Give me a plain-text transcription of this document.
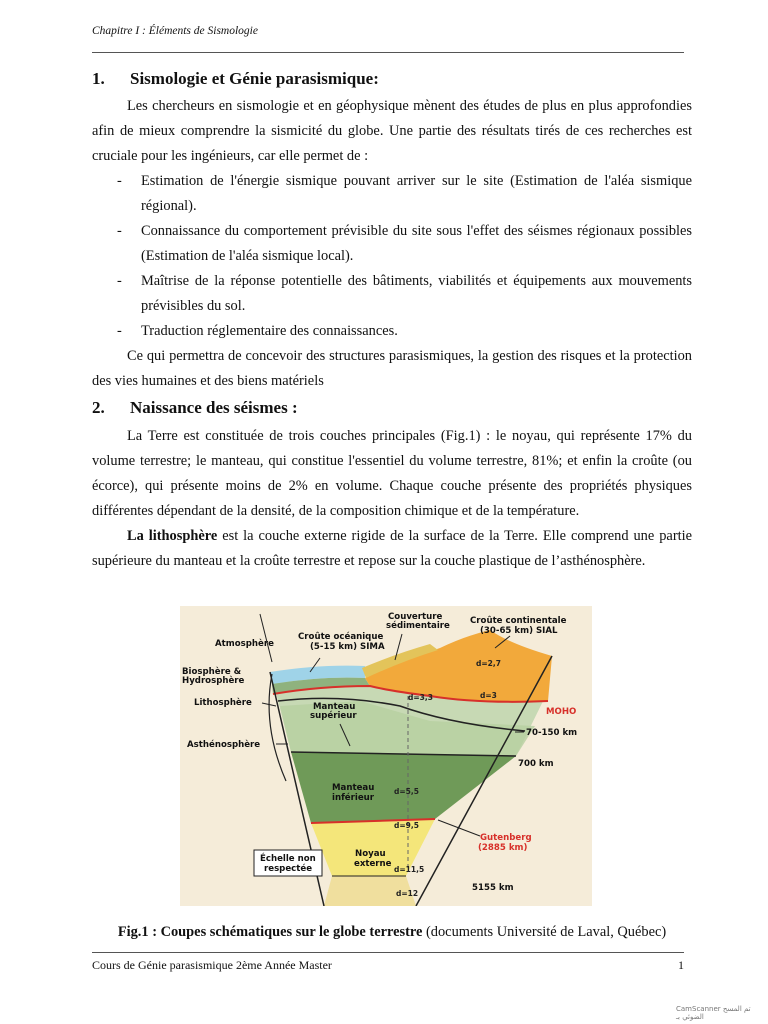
Chapitre I : Éléments de Sismologie
1. Sismologie et Génie parasismique:
Les chercheurs en sismologie et en géophysique mènent des études de plus en plus approfondies afin de mieux comprendre la sismicité du globe. Une partie des résultats tirés de ces recherches est cruciale pour les ingénieurs, car elle permet de :
- Estimation de l'énergie sismique pouvant arriver sur le site (Estimation de l'aléa sismique régional).
- Connaissance du comportement prévisible du site sous l'effet des séismes régionaux possibles (Estimation de l'aléa sismique local).
- Maîtrise de la réponse potentielle des bâtiments, viabilités et équipements aux mouvements prévisibles du sol.
- Traduction réglementaire des connaissances.
Ce qui permettra de concevoir des structures parasismiques, la gestion des risques et la protection des vies humaines et des biens matériels
2. Naissance des séismes :
La Terre est constituée de trois couches principales (Fig.1) : le noyau, qui représente 17% du volume terrestre; le manteau, qui constitue l'essentiel du volume terrestre, 81%; et enfin la croûte (ou écorce), qui présente moins de 2% en volume. Chaque couche présente des propriétés physiques différentes dépendant de la densité, de la composition chimique et de la température.
La lithosphère est la couche externe rigide de la surface de la Terre. Elle comprend une partie supérieure du manteau et la croûte terrestre et repose sur la couche plastique de l’asthénosphère.
Atmosphère
Biosphère &
Hydrosphère
Lithosphère
Asthénosphère
Croûte océanique
(5-15 km) SIMA
Couverture
sédimentaire Croûte continentale
(30-65 km) SIAL
MOHO
Manteau
supérieur
70-150 km
700 km
Manteau
inférieur
Gutenberg
(2885 km)
Noyau
externe
5155 km
Échelle non
respectée
d=2,7
d=3
d=3,3
d=5,5
d=9,5
d=11,5
d=12
Fig.1 : Coupes schématiques sur le globe terrestre (documents Université de Laval, Québec)
Cours de Génie parasismique 2ème Année Master	1
CamScanner تم المسح الضوئي بـ
